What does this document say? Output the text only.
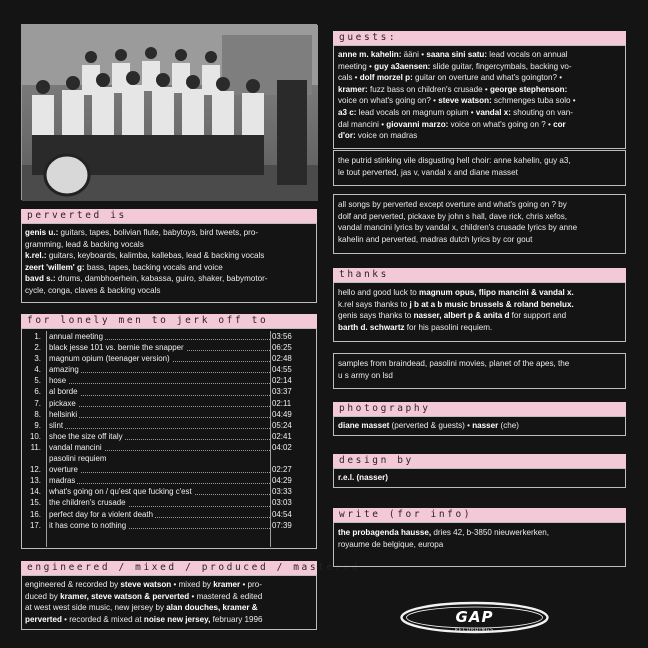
perverted is
genis u.: guitars, tapes, bolivian flute, babytoys, bird tweets, pro-
gramming, lead & backing vocals
k.rel.: guitars, keyboards, kalimba, kallebas, lead & backing vocals
zeert 'willem' g: bass, tapes, backing vocals and voice
bavd s.: drums, dambhoerhein, kabassa, guiro, shaker, babymotor-
cycle, conga, claves & backing vocals
for lonely men to jerk off to
1. annual meeting	03:56
2. black jesse 101 vs. bernie the snapper	06:25
3. magnum opium (teenager version)	02:48
4. amazing	04:55
5. hose	02:14
6. al borde	03:37
7. pickaxe	02:11
8. hellsinki	04:49
9. slint	05:24
10. shoe the size off italy	02:41
11. vandal mancini	04:02
pasolini requiem
12. overture	02:27
13. madras	04:29
14. what's going on / qu'est que fucking c'est	03:33
15. the children's crusade	03:03
16. perfect day for a violent death	04:54
17. it has come to nothing	07:39
engineered / mixed / produced / mastered
engineered & recorded by steve watson • mixed by kramer • pro-
duced by kramer, steve watson & perverted • mastered & edited
at west west side music, new jersey by alan douches, kramer &
perverted • recorded & mixed at noise new jersey, february 1996
guests:
anne m. kahelin: ääni • saana sini satu: lead vocals on annual
meeting • guy a3aensen: slide guitar, fingercymbals, backing vo-
cals • dolf morzel p: guitar on overture and what's goington? •
kramer: fuzz bass on children's crusade • george stephenson:
voice on what's going on? • steve watson: schmenges tuba solo •
a3 c: lead vocals on magnum opium • vandal x: shouting on van-
dal mancini • giovanni marzo: voice on what's going on ? • cor
d'or: voice on madras
the putrid stinking vile disgusting hell choir: anne kahelin, guy a3,
le tout perverted, jas v, vandal x and diane masset
all songs by perverted except overture and what's going on ? by
dolf and perverted, pickaxe by john s hall, dave rick, chris xefos,
vandal mancini lyrics by vandal x, children's crusade lyrics by anne
kahelin and perverted, madras dutch lyrics by cor gout
thanks
hello and good luck to magnum opus, flipo mancini & vandal x.
k.rel says thanks to j b at a b music brussels & roland benelux.
genis says thanks to nasser, albert p & anita d for support and
barth d. schwartz for his pasolini requiem.
samples from braindead, pasolini movies, planet of the apes, the
u s army on lsd
photography
diane masset (perverted & guests) • nasser (che)
design by
r.e.l. (nasser)
write (for info)
the probagenda hausse, dries 42, b-3850 nieuwerkerken,
royaume de belgique, europa
GAP
RECORDINGS
